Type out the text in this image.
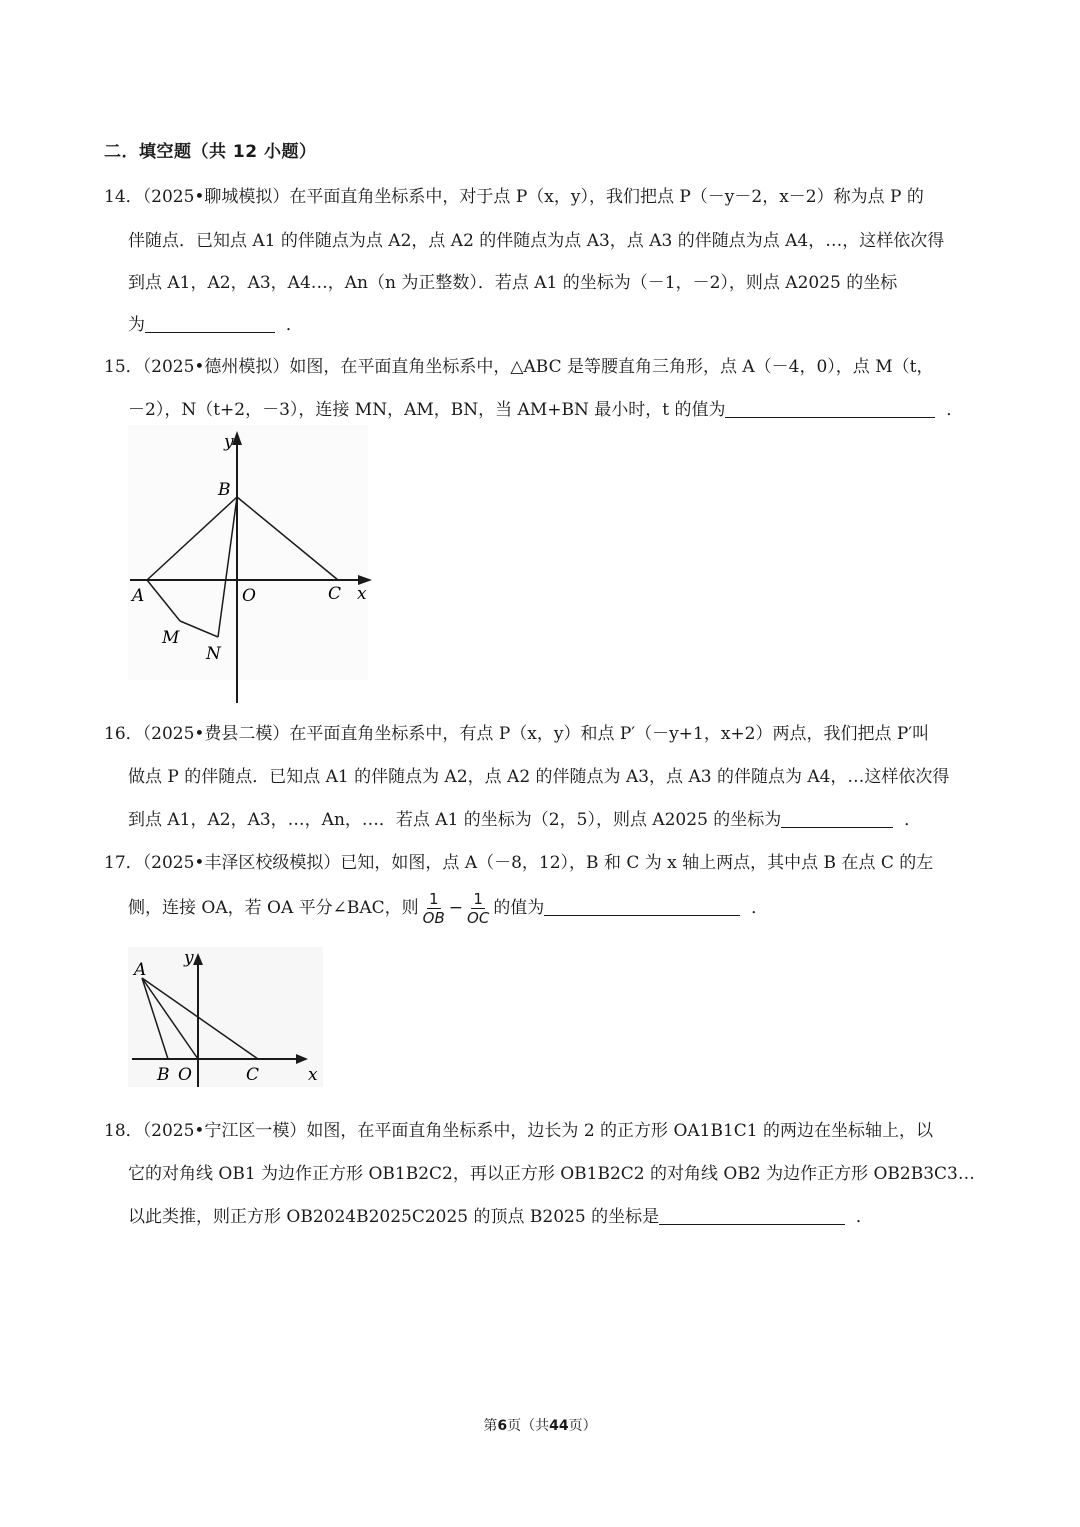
二．填空题（共 12 小题）
14．（2025•聊城模拟）在平面直角坐标系中，对于点 P（x，y），我们把点 P（－y－2，x－2）称为点 P 的
伴随点．已知点 A1 的伴随点为点 A2，点 A2 的伴随点为点 A3，点 A3 的伴随点为点 A4，…，这样依次得
到点 A1，A2，A3，A4…，An（n 为正整数）．若点 A1 的坐标为（－1，－2），则点 A2025 的坐标
为	．
15．（2025•德州模拟）如图，在平面直角坐标系中，△ABC 是等腰直角三角形，点 A（－4，0），点 M（t，
－2），N（t+2，－3），连接 MN，AM，BN，当 AM+BN 最小时，t 的值为	．
y
B
A	O	C x
M
N
16．（2025•费县二模）在平面直角坐标系中，有点 P（x，y）和点 P′（－y+1，x+2）两点，我们把点 P′叫
做点 P 的伴随点．已知点 A1 的伴随点为 A2，点 A2 的伴随点为 A3，点 A3 的伴随点为 A4，…这样依次得
到点 A1，A2，A3，…，An，…．若点 A1 的坐标为（2，5），则点 A2025 的坐标为	．
17．（2025•丰泽区校级模拟）已知，如图，点 A（－8，12），B 和 C 为 x 轴上两点，其中点 B 在点 C 的左
侧，连接 OA，若 OA 平分∠BAC，则 $\frac{1}{OB} - \frac{1}{OC}$ 的值为	．
A
y
B O	C	x
18．（2025•宁江区一模）如图，在平面直角坐标系中，边长为 2 的正方形 OA1B1C1 的两边在坐标轴上，以
它的对角线 OB1 为边作正方形 OB1B2C2，再以正方形 OB1B2C2 的对角线 OB2 为边作正方形 OB2B3C3…
以此类推，则正方形 OB2024B2025C2025 的顶点 B2025 的坐标是	．
第6页（共44页）
